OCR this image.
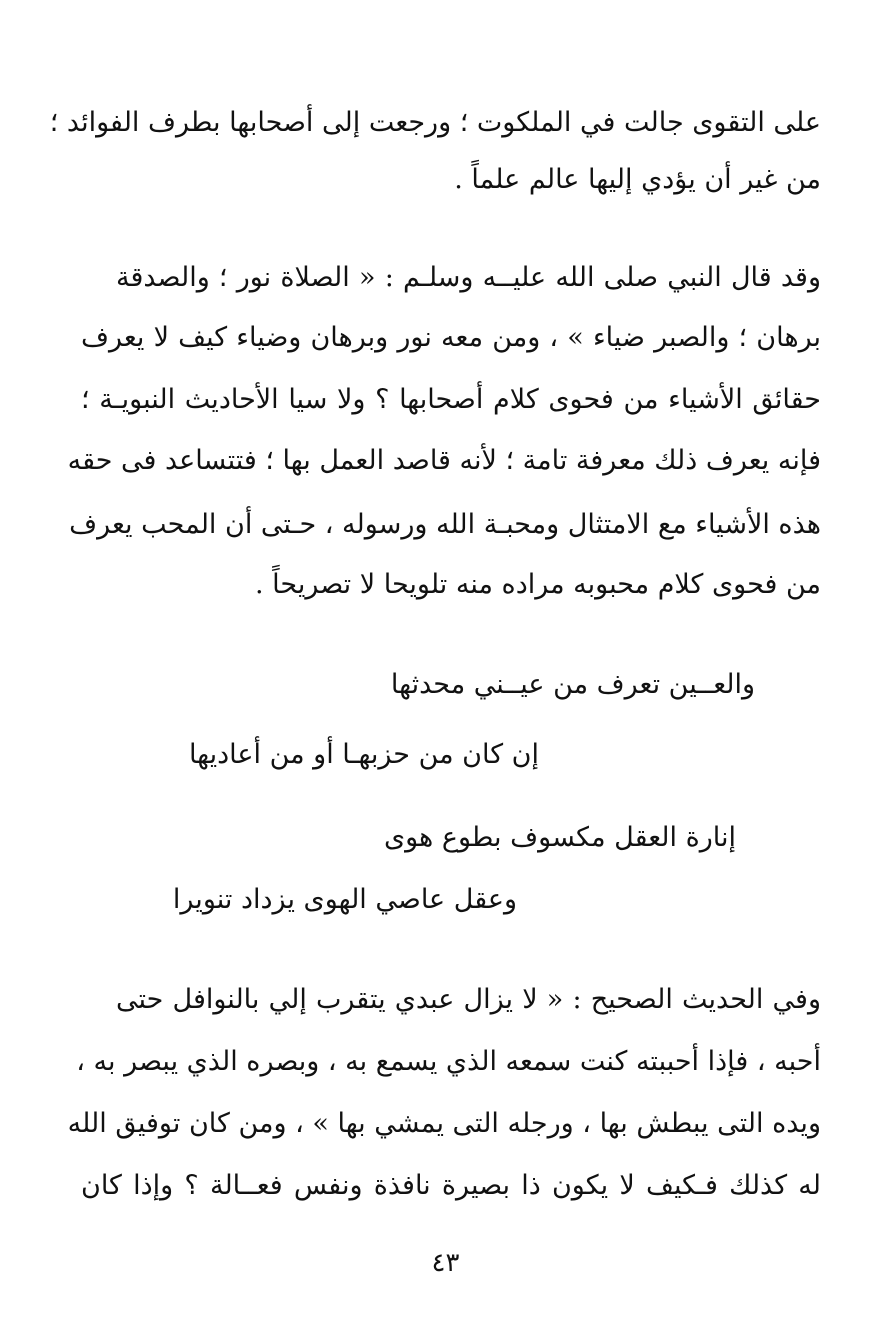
على التقوى جالت في الملكوت ؛ ورجعت إلى أصحابها بطرف الفوائد ؛
من غير أن يؤدي إليها عالم علماً .
وقد قال النبي صلى الله عليــه وسلـم : « الصلاة نور ؛ والصدقة
برهان ؛ والصبر ضياء » ، ومن معه نور وبرهان وضياء كيف لا يعرف
حقائق الأشياء من فحوى كلام أصحابها ؟ ولا سيا الأحاديث النبويـة ؛
فإنه يعرف ذلك معرفة تامة ؛ لأنه قاصد العمل بها ؛ فتتساعد فى حقه
هذه الأشياء مع الامتثال ومحبـة الله ورسوله ، حـتى أن المحب يعرف
من فحوى كلام محبوبه مراده منه تلويحا لا تصريحاً .
والعــين تعرف من عيــني محدثها
إن كان من حزبهـا أو من أعاديها
إنارة العقل مكسوف بطوع هوى
وعقل عاصي الهوى يزداد تنويرا
وفي الحديث الصحيح : « لا يزال عبدي يتقرب إلي بالنوافل حتى
أحبه ، فإذا أحببته كنت سمعه الذي يسمع به ، وبصره الذي يبصر به ،
ويده التى يبطش بها ، ورجله التى يمشي بها » ، ومن كان توفيق الله
له كذلك فـكيف لا يكون ذا بصيرة نافذة ونفس فعــالة ؟ وإذا كان
٤٣
